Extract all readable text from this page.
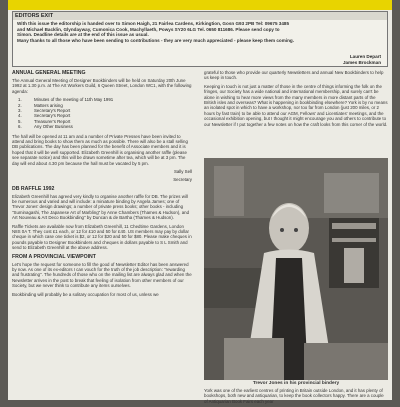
EDITORS EXIT
With this issue the editorship is handed over to Simon Haigh, 21 Fairlea Cardens, Kirkingtion, Gosn G93 2PB Tel: 09675 3485
and Michael Backlin, Glyndayway, Cumonica Cook, Machyllaeth, Powys SY20 6LG Tel. 0650 811686. Please send copy to
Simon. Deadline details are at the end of this issue as usual.
Many thanks to all those who have been sending to contributions - they are very much appreciated - please keep them coming.
Lauren Depart
James Brockman
ANNUAL GENERAL MEETING
The Annual General Meeting of Designer Bookbinders will be held on Saturday 20th June 1992 at 1.30 p.m. at The Art Workers Guild, 6 Queen Street, London WC1, with the following agenda:
1.	Minutes of the meeting of 11th May 1991
2.	Matters arising
3.	Secretary's Report
4.	Secretary's Report
5.	Treasurer's Report
6.	Any Other Business
The hall will be opened at 11 am and a number of Private Presses have been invited to attend and bring books to show them as much as possible. There will also be a stall selling DB publications. The day has been planned for the benefit of Associate members and it is hoped that it will be well supported. Elizabeth Greenhill is organising another raffle (please see separate notice) and this will be drawn sometime after tea, which will be at 3 pm. The day will end about 4.30 pm because the hall must be vacated by 5 pm.
Sally Sell
Secretary
DB RAFFLE 1992
Elizabeth Greenhill has agreed very kindly to organise another raffle for DB. The prizes will be numerous and varied and will include: a miniature binding by Angela James; one of Trevor Jones' design drawings; a number of private press books; other books - including "Suminagashi, The Japanese Art of Marbling" by Anne Chambers (Thames & Hudson), and Art Nouveau & Art Deco Bookbinding" by Duncan & de Bartha (Thames & Hudson).
Raffle Tickets are available now from Elizabeth Greenhill, 11 Chedtime Gardens, London N8S 0A T. They cost £1 each, or 12 for £10 and 50 for £40. US members may pay by dollar cheque in which case one ticket is $2, or 12 for $20 and 50 for $80. Please make cheques in pounds payable to Designer Bookbinders and cheques in dollars payable to S L Smith and send to Elizabeth Greenhill at the above address.
FROM A PROVINCIAL VIEWPOINT
Let's hope the request for someone to fill the good of Newsletter Editor has been answered by now. As one of its ex-editors I can vouch for the truth of the job description: "rewarding and frustrating". The hundreds of those who on the mailing list are always glad and when the Newsletter arrives in the post to break that feeling of isolation from other members of our Society, but we never think to contribute any items ourselves.
Bookbinding will probably be a solitary occupation for most of us, unless we
grateful to those who provide our quarterly Newsletters and annual New Bookbinders to help us keep in touch.
Keeping in touch is not just a matter of those in the centre of things informing the folk on the fringes, our Society has a wide national and international membership, and surely can't be alone in wishing to hear more views from the many members in more distant parts of the British isles and overseas? What is happening in bookbinding elsewhere? York is by no means an isolated spot in which to have a workshop, nor too far from London (just 200 miles, or 2 hours by fast train) to be able to attend our AGM, Fellows' and Licentiates' meetings, and the occasional exhibition opening, but I thought it might encourage you and others to contribute to our Newsletter if I put together a few notes on how the craft looks from this corner of the world.
Trevor Jones in his provincial bindery
York was one of the earliest centres of printing in Britain outside London, and it has plenty of bookshops, both new and antiquarian, to keep the book collectors happy. There are a couple of Antiquarian Book Fairs each year
